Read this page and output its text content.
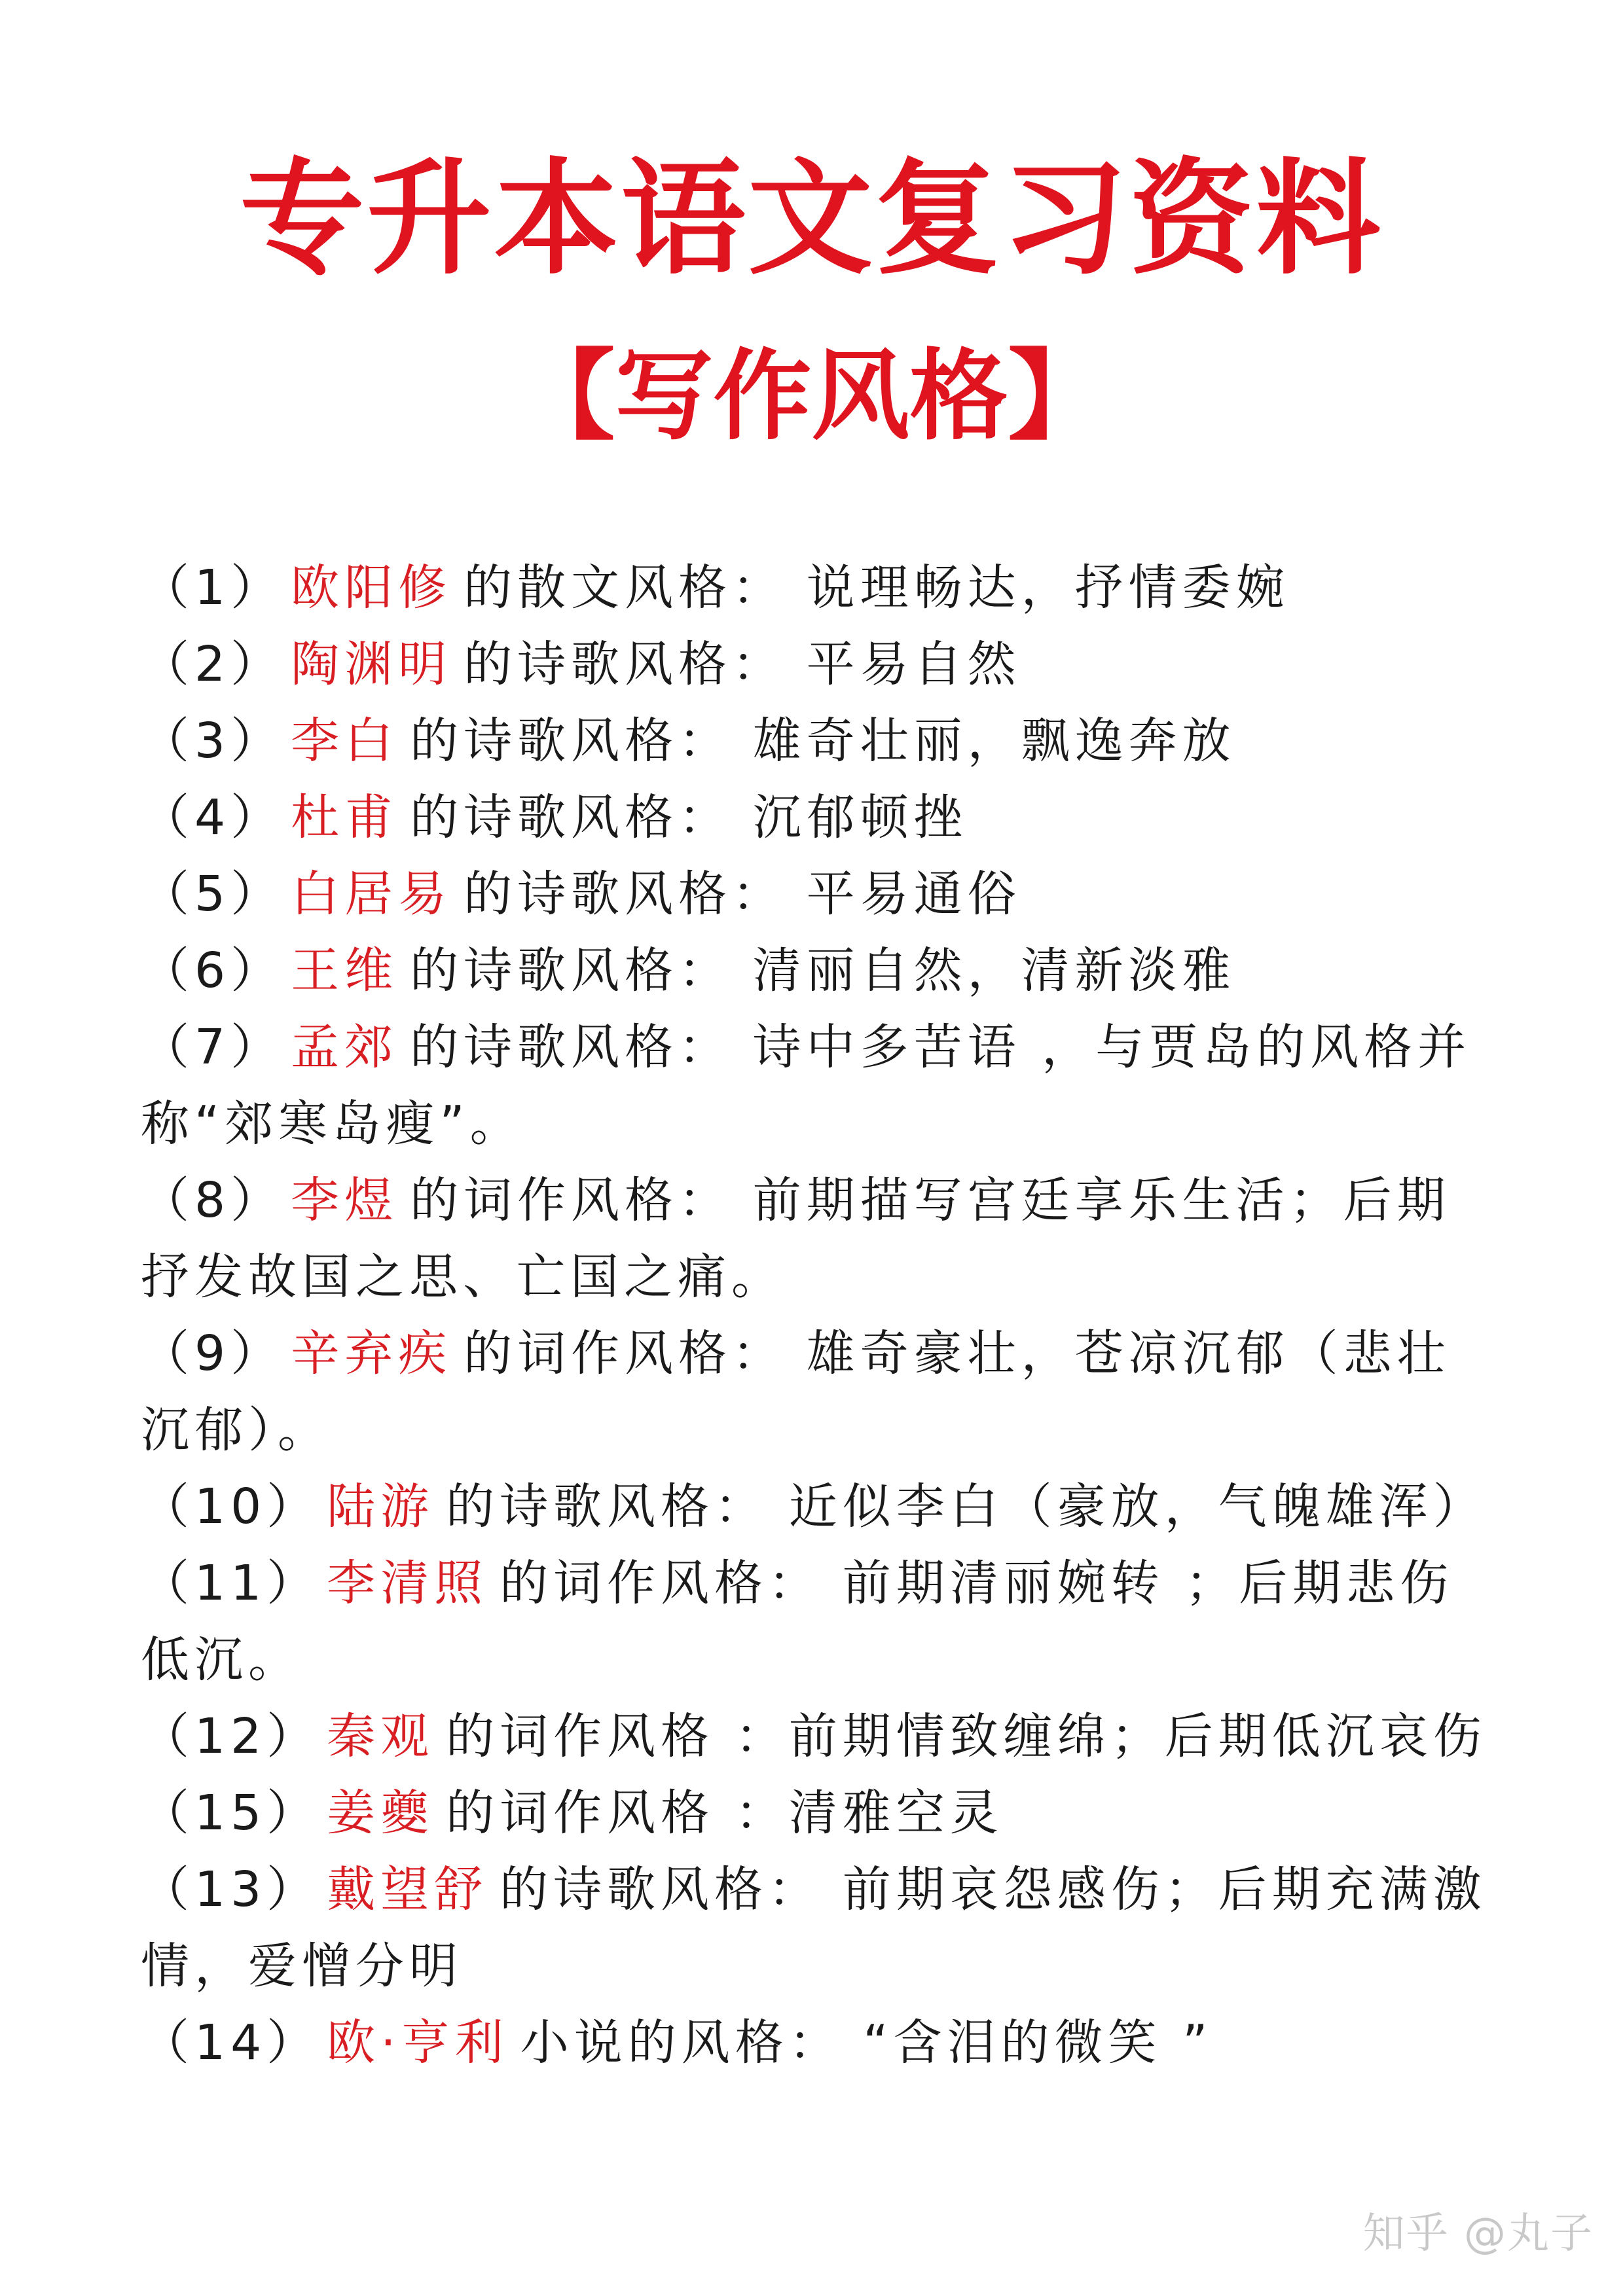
专升本语文复习资料
【写作风格】
（1） 欧阳修 的散文风格： 说理畅达，抒情委婉
（2） 陶渊明 的诗歌风格： 平易自然
（3） 李白 的诗歌风格： 雄奇壮丽，飘逸奔放
（4） 杜甫 的诗歌风格： 沉郁顿挫
（5） 白居易 的诗歌风格： 平易通俗
（6） 王维 的诗歌风格： 清丽自然，清新淡雅
（7） 孟郊 的诗歌风格： 诗中多苦语 ，与贾岛的风格并称“郊寒岛瘦”。
（8） 李煜 的词作风格： 前期描写宫廷享乐生活；后期抒发故国之思、亡国之痛。
（9） 辛弃疾 的词作风格： 雄奇豪壮，苍凉沉郁（悲壮沉郁）。
（10） 陆游 的诗歌风格： 近似李白（豪放，气魄雄浑）
（11） 李清照 的词作风格： 前期清丽婉转 ；后期悲伤低沉。
（12） 秦观 的词作风格 ：前期情致缠绵；后期低沉哀伤
（15） 姜夔 的词作风格 ：清雅空灵
（13） 戴望舒 的诗歌风格： 前期哀怨感伤；后期充满激情，爱憎分明
（14） 欧·亨利 小说的风格： “含泪的微笑 ”
知乎 @丸子
